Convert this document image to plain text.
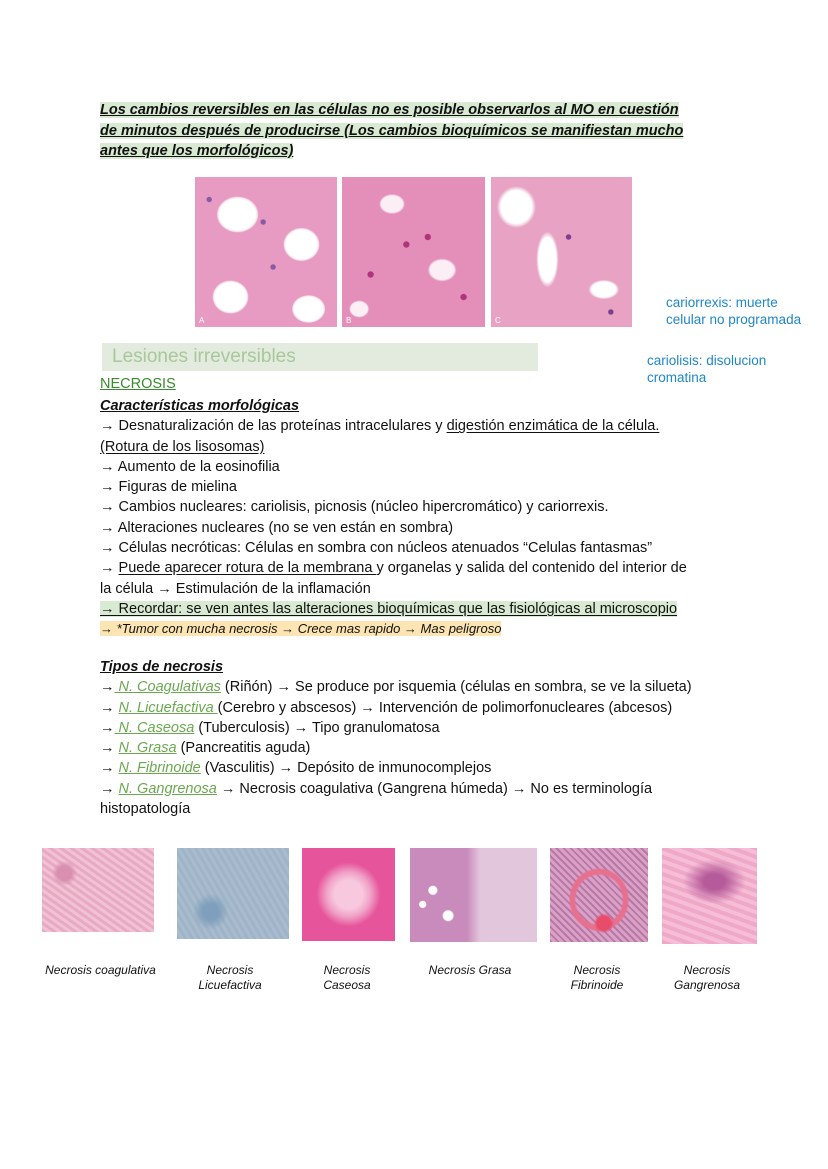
Los cambios reversibles en las células no es posible observarlos al MO en cuestión
de minutos después de producirse (Los cambios bioquímicos se manifiestan mucho
antes que los morfológicos)
A	B	C
cariorrexis: muerte
celular no programada
cariolisis: disolucion
cromatina
Lesiones irreversibles
NECROSIS
Características morfológicas
→ Desnaturalización de las proteínas intracelulares y digestión enzimática de la célula.
(Rotura de los lisosomas)
→ Aumento de la eosinofilia
→ Figuras de mielina
→ Cambios nucleares: cariolisis, picnosis (núcleo hipercromático) y cariorrexis.
→ Alteraciones nucleares (no se ven están en sombra)
→ Células necróticas: Células en sombra con núcleos atenuados “Celulas fantasmas”
→ Puede aparecer rotura de la membrana y organelas y salida del contenido del interior de
la célula → Estimulación de la inflamación
→ Recordar: se ven antes las alteraciones bioquímicas que las fisiológicas al microscopio
→ *Tumor con mucha necrosis → Crece mas rapido → Mas peligroso
Tipos de necrosis
→ N. Coagulativas (Riñón) → Se produce por isquemia (células en sombra, se ve la silueta)
→ N. Licuefactiva (Cerebro y abscesos) → Intervención de polimorfonucleares (abcesos)
→ N. Caseosa (Tuberculosis) → Tipo granulomatosa
→ N. Grasa (Pancreatitis aguda)
→ N. Fibrinoide (Vasculitis) → Depósito de inmunocomplejos
→ N. Gangrenosa → Necrosis coagulativa (Gangrena húmeda) → No es terminología
histopatología
Necrosis coagulativa	Necrosis
Licuefactiva
Necrosis
Caseosa
Necrosis Grasa	Necrosis
Fibrinoide
Necrosis
Gangrenosa
